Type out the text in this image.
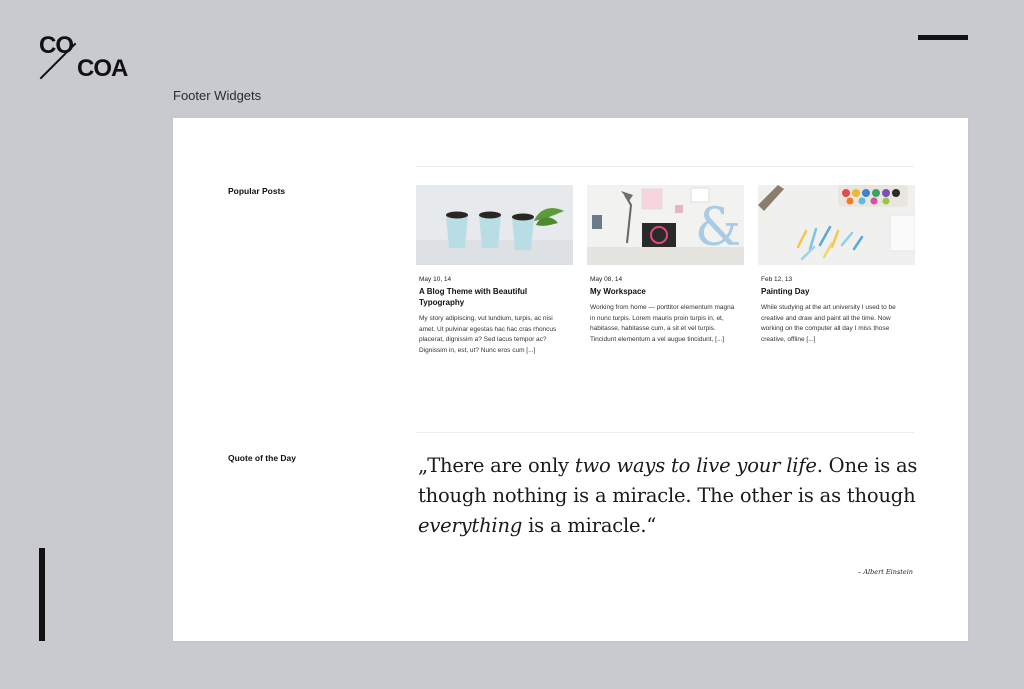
CO
COA
Footer Widgets
Popular Posts
May 10, 14
A Blog Theme with Beautiful Typography
My story adipiscing, vut lundium, turpis, ac nisi amet. Ut pulvinar egestas hac hac cras rhoncus placerat, dignissim a? Sed lacus tempor ac? Dignissim in, est, ut? Nunc eros cum [...]
&
May 08, 14
My Workspace
Working from home — porttitor elementum magna in nunc turpis. Lorem mauris proin turpis in, et, habitasse, habitasse cum, a sit et vel turpis. Tincidunt elementum a vel augue tincidunt, [...]
Feb 12, 13
Painting Day
While studying at the art university I used to be creative and draw and paint all the time. Now working on the computer all day I miss those creative, offline [...]
Quote of the Day	„There are only two ways to live your life. One is as though nothing is a miracle. The other is as though everything is a miracle.“
– Albert Einstein
